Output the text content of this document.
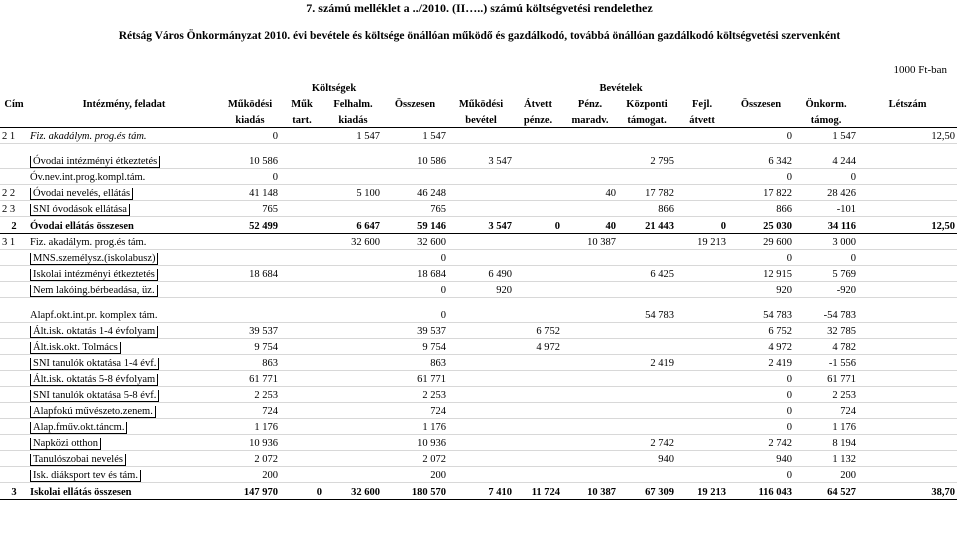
7. számú melléklet a ../2010. (II…..) számú költségvetési rendelethez
Rétság Város Önkormányzat 2010. évi bevétele és költsége önállóan működő és gazdálkodó, továbbá önállóan gazdálkodó költségvetési szervenként
1000 Ft-ban
		Költségek				Bevételek							
Cím	Intézmény, feladat	Működési	Műk	Felhalm.	Összesen	Működési	Átvett	Pénz.	Központi	Fejl.	Összesen	Önkorm.	Létszám
		kiadás	tart.	kiadás		bevétel	pénze.	maradv.	támogat.	átvett		támog.	
2 1	Fiz. akadálym. prog.és tám.	0		1 547	1 547						0	1 547	12,50
	Óvodai intézményi étkeztetés	10 586			10 586	3 547			2 795		6 342	4 244	
	Óv.nev.int.prog.kompl.tám.	0									0	0	
2 2	Óvodai nevelés, ellátás	41 148		5 100	46 248			40	17 782		17 822	28 426	
2 3	SNI óvodások ellátása	765			765				866		866	-101	
2	Óvodai ellátás összesen	52 499		6 647	59 146	3 547	0	40	21 443	0	25 030	34 116	12,50
3 1	Fiz. akadálym. prog.és tám.			32 600	32 600			10 387		19 213	29 600	3 000	
	MNS.személysz.(iskolabusz)				0						0	0	
	Iskolai intézményi étkeztetés	18 684			18 684	6 490			6 425		12 915	5 769	
	Nem lakóing.bérbeadása, üz.				0	920					920	-920	
	Alapf.okt.int.pr. komplex tám.				0				54 783		54 783	-54 783	
	Ált.isk. oktatás 1-4 évfolyam	39 537			39 537		6 752				6 752	32 785	
	Ált.isk.okt. Tolmács	9 754			9 754		4 972				4 972	4 782	
	SNI tanulók oktatása 1-4 évf.	863			863				2 419		2 419	-1 556	
	Ált.isk. oktatás 5-8 évfolyam	61 771			61 771						0	61 771	
	SNI tanulók oktatása 5-8 évf.	2 253			2 253						0	2 253	
	Alapfokú művészeto.zenem.	724			724						0	724	
	Alap.fműv.okt.táncm.	1 176			1 176						0	1 176	
	Napközi otthon	10 936			10 936				2 742		2 742	8 194	
	Tanulószobai nevelés	2 072			2 072				940		940	1 132	
	Isk. diáksport tev és tám.	200			200						0	200	
3	Iskolai ellátás összesen	147 970	0	32 600	180 570	7 410	11 724	10 387	67 309	19 213	116 043	64 527	38,70
